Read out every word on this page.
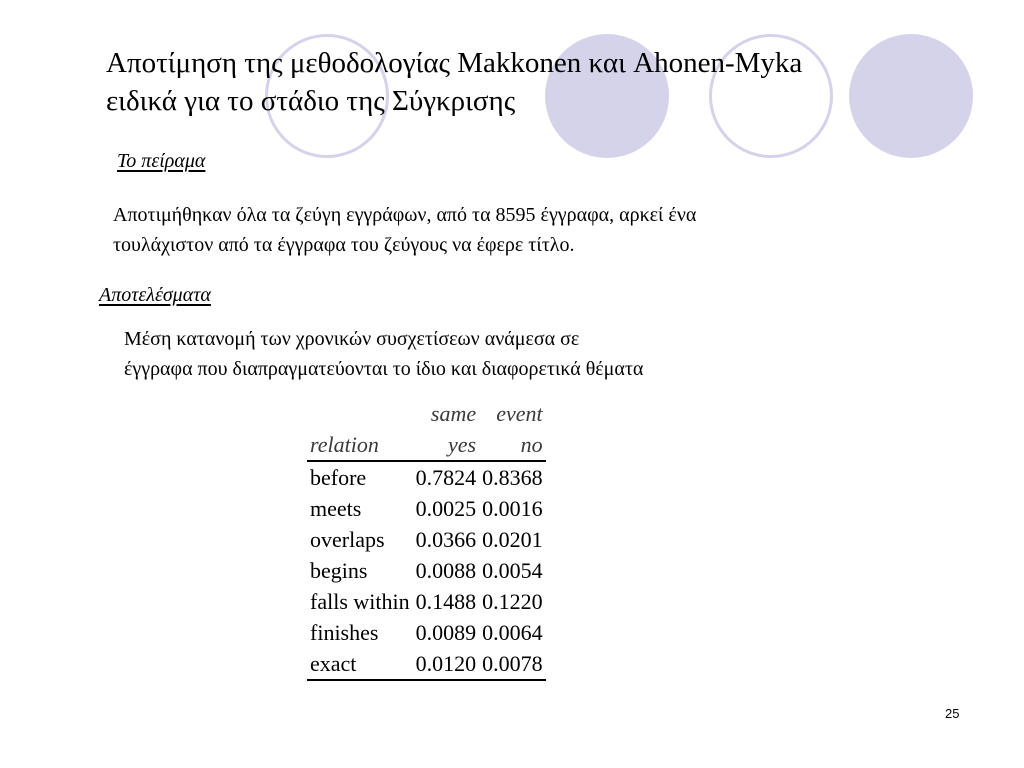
Αποτίμηση της μεθοδολογίας Makkonen και Ahonen-Myka
ειδικά για το στάδιο της Σύγκρισης
Το πείραμα
Αποτιμήθηκαν όλα τα ζεύγη εγγράφων, από τα 8595 έγγραφα, αρκεί ένα
τουλάχιστον από τα έγγραφα του ζεύγους να έφερε τίτλο.
Αποτελέσματα
Μέση κατανομή των χρονικών συσχετίσεων ανάμεσα σε
έγγραφα που διαπραγματεύονται το ίδιο και διαφορετικά θέματα
	same	event
relation	yes	no
before	0.7824	0.8368
meets	0.0025	0.0016
overlaps	0.0366	0.0201
begins	0.0088	0.0054
falls within	0.1488	0.1220
finishes	0.0089	0.0064
exact	0.0120	0.0078
25
